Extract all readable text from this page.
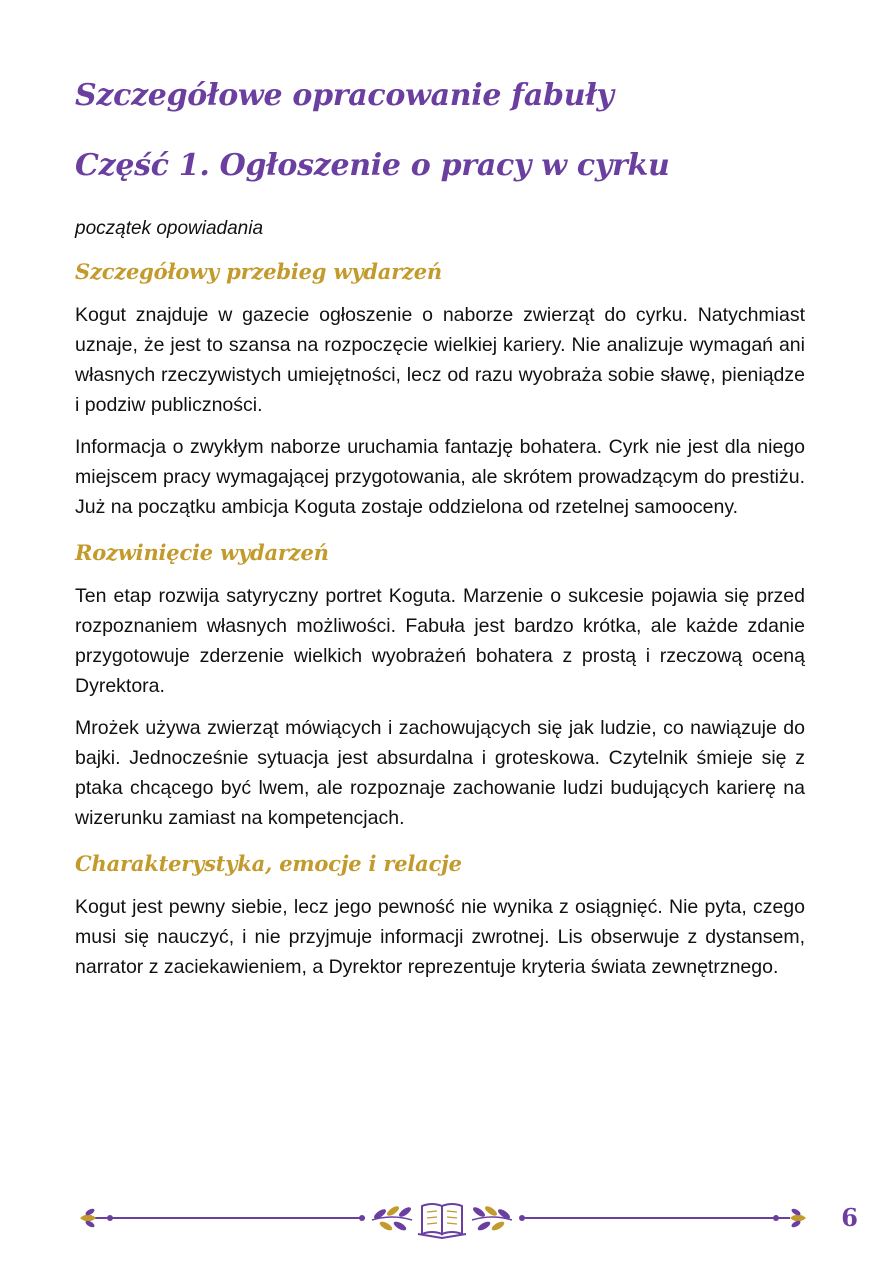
Szczegółowe opracowanie fabuły
Część 1. Ogłoszenie o pracy w cyrku
początek opowiadania
Szczegółowy przebieg wydarzeń

Kogut znajduje w gazecie ogłoszenie o naborze zwierząt do cyrku. Natychmiast uznaje, że jest to szansa na rozpoczęcie wielkiej kariery. Nie analizuje wymagań ani własnych rzeczywistych umiejętności, lecz od razu wyobraża sobie sławę, pieniądze i podziw publiczności.

Informacja o zwykłym naborze uruchamia fantazję bohatera. Cyrk nie jest dla niego miejscem pracy wymagającej przygotowania, ale skrótem prowadzącym do prestiżu. Już na początku ambicja Koguta zostaje oddzielona od rzetelnej samooceny.

Rozwinięcie wydarzeń

Ten etap rozwija satyryczny portret Koguta. Marzenie o sukcesie pojawia się przed rozpoznaniem własnych możliwości. Fabuła jest bardzo krótka, ale każde zdanie przygotowuje zderzenie wielkich wyobrażeń bohatera z prostą i rzeczową oceną Dyrektora.

Mrożek używa zwierząt mówiących i zachowujących się jak ludzie, co nawiązuje do bajki. Jednocześnie sytuacja jest absurdalna i groteskowa. Czytelnik śmieje się z ptaka chcącego być lwem, ale rozpoznaje zachowanie ludzi budujących karierę na wizerunku zamiast na kompetencjach.

Charakterystyka, emocje i relacje

Kogut jest pewny siebie, lecz jego pewność nie wynika z osiągnięć. Nie pyta, czego musi się nauczyć, i nie przyjmuje informacji zwrotnej. Lis obserwuje z dystansem, narrator z zaciekawieniem, a Dyrektor reprezentuje kryteria świata zewnętrznego.

6
